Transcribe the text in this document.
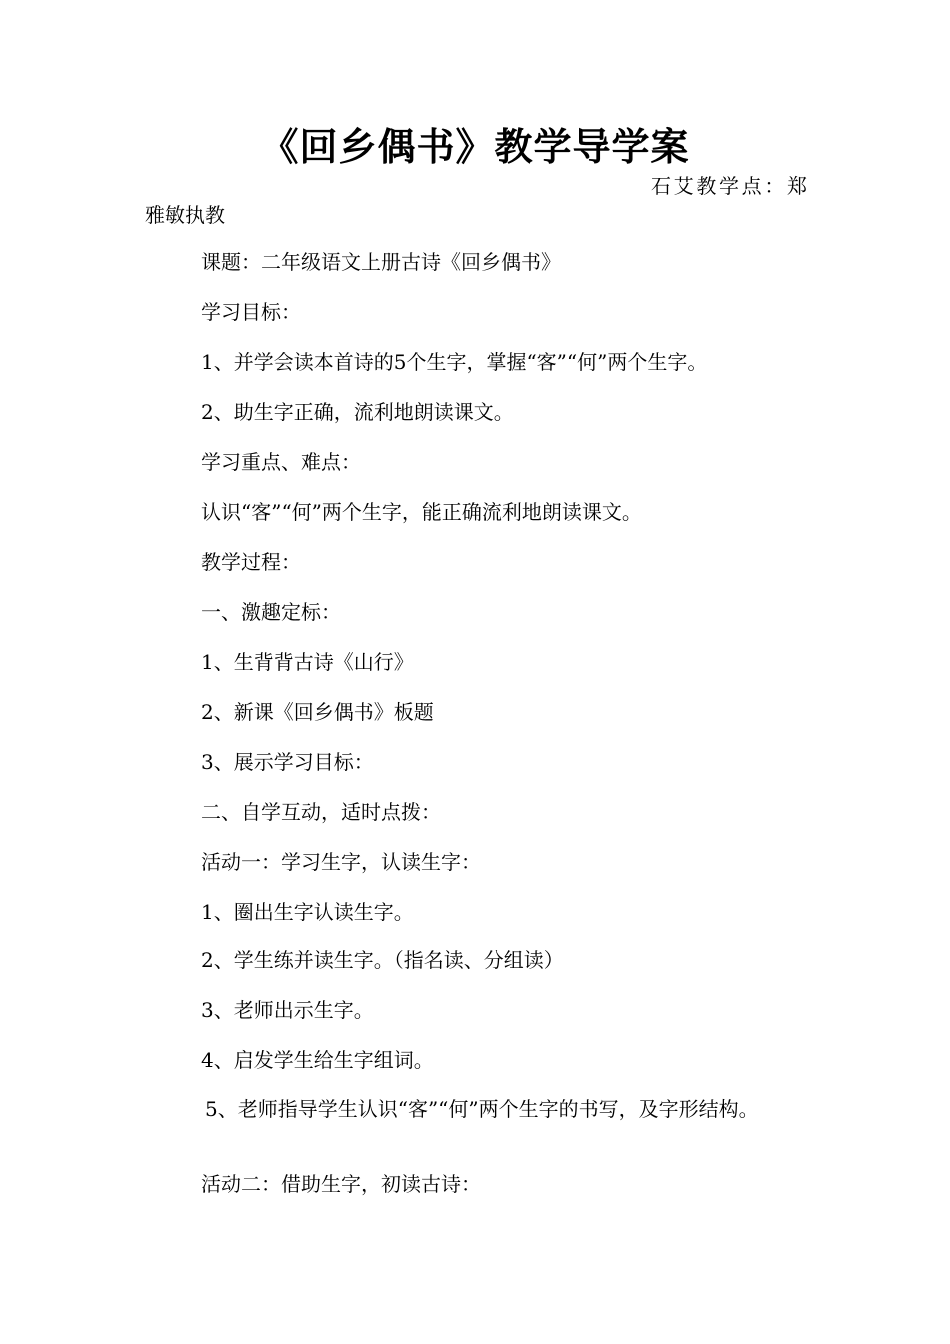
《回乡偶书》教学导学案

石艾教学点：郑雅敏执教

课题：二年级语文上册古诗《回乡偶书》

学习目标：

1、并学会读本首诗的5个生字，掌握“客”“何”两个生字。

2、助生字正确，流利地朗读课文。

学习重点、难点：

认识“客”“何”两个生字，能正确流利地朗读课文。

教学过程：

一、激趣定标：

1、生背背古诗《山行》

2、新课《回乡偶书》板题

3、展示学习目标：

二、自学互动，适时点拨：

活动一：学习生字，认读生字：

1、圈出生字认读生字。

2、学生练并读生字。（指名读、分组读）

3、老师出示生字。

4、启发学生给生字组词。

5、老师指导学生认识“客”“何”两个生字的书写，及字形结构。

活动二：借助生字，初读古诗：
